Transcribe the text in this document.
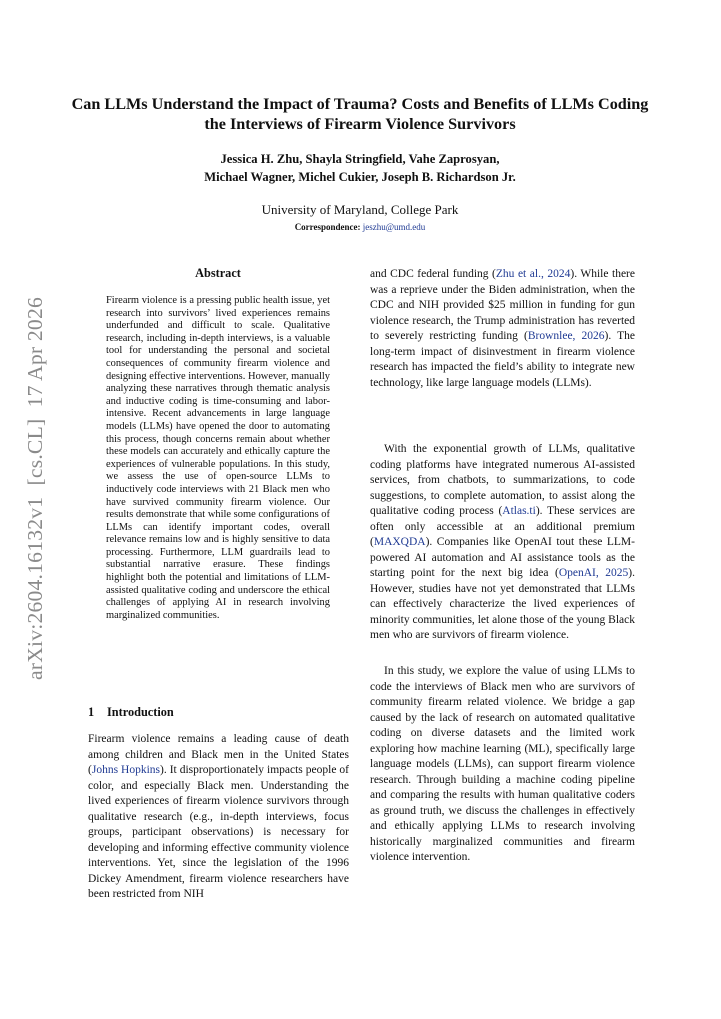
arXiv:2604.16132v1  [cs.CL]  17 Apr 2026
Can LLMs Understand the Impact of Trauma? Costs and Benefits of LLMs Coding the Interviews of Firearm Violence Survivors
Jessica H. Zhu, Shayla Stringfield, Vahe Zaprosyan,
Michael Wagner, Michel Cukier, Joseph B. Richardson Jr.
University of Maryland, College Park
Correspondence: jeszhu@umd.edu
Abstract

Firearm violence is a pressing public health issue, yet research into survivors’ lived experiences remains underfunded and difficult to scale. Qualitative research, including in-depth interviews, is a valuable tool for understanding the personal and societal consequences of community firearm violence and designing effective interventions. However, manually analyzing these narratives through thematic analysis and inductive coding is time-consuming and labor-intensive. Recent advancements in large language models (LLMs) have opened the door to automating this process, though concerns remain about whether these models can accurately and ethically capture the experiences of vulnerable populations. In this study, we assess the use of open-source LLMs to inductively code interviews with 21 Black men who have survived community firearm violence. Our results demonstrate that while some configurations of LLMs can identify important codes, overall relevance remains low and is highly sensitive to data processing. Furthermore, LLM guardrails lead to substantial narrative erasure. These findings highlight both the potential and limitations of LLM-assisted qualitative coding and underscore the ethical challenges of applying AI in research involving marginalized communities.

1 Introduction

Firearm violence remains a leading cause of death among children and Black men in the United States (Johns Hopkins). It disproportionately impacts people of color, and especially Black men. Understanding the lived experiences of firearm violence survivors through qualitative research (e.g., in-depth interviews, focus groups, participant observations) is necessary for developing and informing effective community violence interventions. Yet, since the legislation of the 1996 Dickey Amendment, firearm violence researchers have been restricted from NIH

and CDC federal funding (Zhu et al., 2024). While there was a reprieve under the Biden administration, when the CDC and NIH provided $25 million in funding for gun violence research, the Trump administration has reverted to severely restricting funding (Brownlee, 2026). The long-term impact of disinvestment in firearm violence research has impacted the field’s ability to integrate new technology, like large language models (LLMs).

With the exponential growth of LLMs, qualitative coding platforms have integrated numerous AI-assisted services, from chatbots, to summarizations, to code suggestions, to complete automation, to assist along the qualitative coding process (Atlas.ti). These services are often only accessible at an additional premium (MAXQDA). Companies like OpenAI tout these LLM-powered AI automation and AI assistance tools as the starting point for the next big idea (OpenAI, 2025). However, studies have not yet demonstrated that LLMs can effectively characterize the lived experiences of minority communities, let alone those of the young Black men who are survivors of firearm violence.

In this study, we explore the value of using LLMs to code the interviews of Black men who are survivors of community firearm related violence. We bridge a gap caused by the lack of research on automated qualitative coding on diverse datasets and the limited work exploring how machine learning (ML), specifically large language models (LLMs), can support firearm violence research. Through building a machine coding pipeline and comparing the results with human qualitative coders as ground truth, we discuss the challenges in effectively and ethically applying LLMs to research involving historically marginalized communities and firearm violence intervention.
